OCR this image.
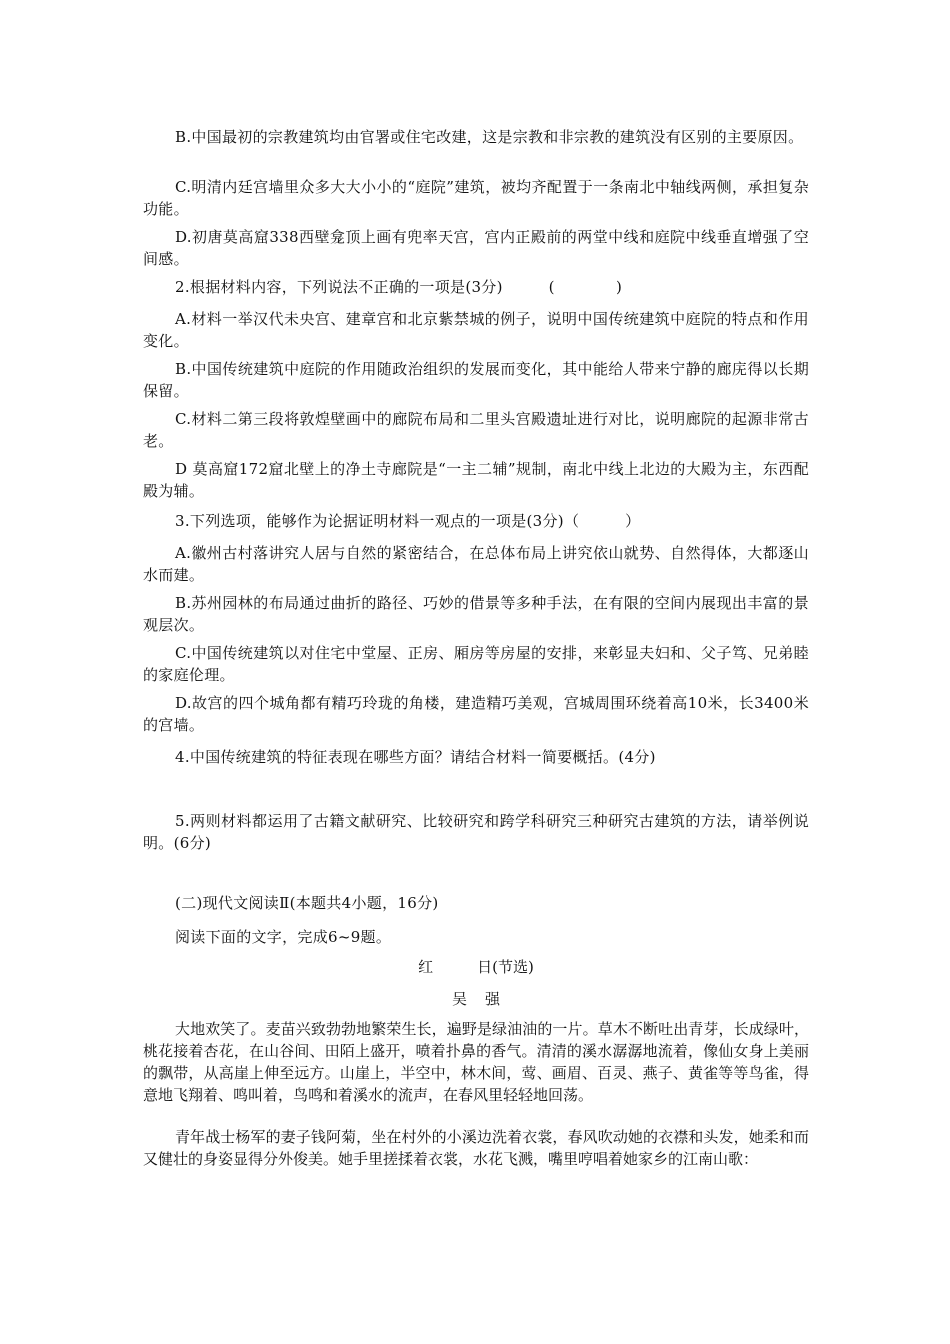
B.中国最初的宗教建筑均由官署或住宅改建，这是宗教和非宗教的建筑没有区别的主要原因。

C.明清内廷宫墙里众多大大小小的“庭院”建筑，被均齐配置于一条南北中轴线两侧，承担复杂功能。

D.初唐莫高窟338西壁龛顶上画有兜率天宫，宫内正殿前的两堂中线和庭院中线垂直增强了空间感。

2.根据材料内容，下列说法不正确的一项是(3分)　　　(　　　　)

A.材料一举汉代未央宫、建章宫和北京紫禁城的例子，说明中国传统建筑中庭院的特点和作用变化。

B.中国传统建筑中庭院的作用随政治组织的发展而变化，其中能给人带来宁静的廊庑得以长期保留。

C.材料二第三段将敦煌壁画中的廊院布局和二里头宫殿遗址进行对比，说明廊院的起源非常古老。

D 莫高窟172窟北壁上的净土寺廊院是“一主二辅”规制，南北中线上北边的大殿为主，东西配殿为辅。

3.下列选项，能够作为论据证明材料一观点的一项是(3分)（　　　）

A.徽州古村落讲究人居与自然的紧密结合，在总体布局上讲究依山就势、自然得体，大都逐山水而建。

B.苏州园林的布局通过曲折的路径、巧妙的借景等多种手法，在有限的空间内展现出丰富的景观层次。

C.中国传统建筑以对住宅中堂屋、正房、厢房等房屋的安排，来彰显夫妇和、父子笃、兄弟睦的家庭伦理。

D.故宫的四个城角都有精巧玲珑的角楼，建造精巧美观，宫城周围环绕着高10米，长3400米的宫墙。

4.中国传统建筑的特征表现在哪些方面？请结合材料一简要概括。(4分)

5.两则材料都运用了古籍文献研究、比较研究和跨学科研究三种研究古建筑的方法，请举例说明。(6分)

(二)现代文阅读Ⅱ(本题共4小题，16分)

阅读下面的文字，完成6~9题。

红	日(节选)

吴 强

大地欢笑了。麦苗兴致勃勃地繁荣生长，遍野是绿油油的一片。草木不断吐出青芽，长成绿叶，桃花接着杏花，在山谷间、田陌上盛开，喷着扑鼻的香气。清清的溪水潺潺地流着，像仙女身上美丽的飘带，从高崖上伸至远方。山崖上，半空中，林木间，莺、画眉、百灵、燕子、黄雀等等鸟雀，得意地飞翔着、鸣叫着，鸟鸣和着溪水的流声，在春风里轻轻地回荡。

青年战士杨军的妻子钱阿菊，坐在村外的小溪边洗着衣裳，春风吹动她的衣襟和头发，她柔和而又健壮的身姿显得分外俊美。她手里搓揉着衣裳，水花飞溅，嘴里哼唱着她家乡的江南山歌：
